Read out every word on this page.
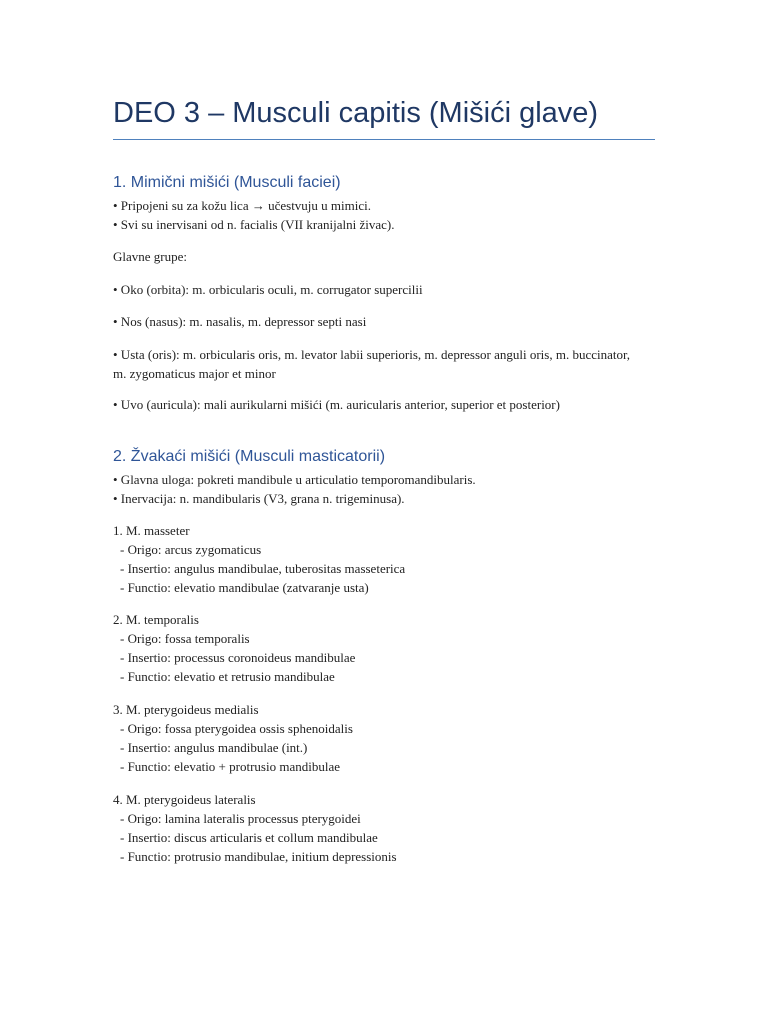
DEO 3 – Musculi capitis (Mišići glave)
1. Mimični mišići (Musculi faciei)
• Pripojeni su za kožu lica → učestvuju u mimici.
• Svi su inervisani od n. facialis (VII kranijalni živac).
Glavne grupe:
• Oko (orbita): m. orbicularis oculi, m. corrugator supercilii
• Nos (nasus): m. nasalis, m. depressor septi nasi
• Usta (oris): m. orbicularis oris, m. levator labii superioris, m. depressor anguli oris, m. buccinator, m. zygomaticus major et minor
• Uvo (auricula): mali aurikularni mišići (m. auricularis anterior, superior et posterior)
2. Žvakaći mišići (Musculi masticatorii)
• Glavna uloga: pokreti mandibule u articulatio temporomandibularis.
• Inervacija: n. mandibularis (V3, grana n. trigeminusa).
1. M. masseter
- Origo: arcus zygomaticus
- Insertio: angulus mandibulae, tuberositas masseterica
- Functio: elevatio mandibulae (zatvaranje usta)
2. M. temporalis
- Origo: fossa temporalis
- Insertio: processus coronoideus mandibulae
- Functio: elevatio et retrusio mandibulae
3. M. pterygoideus medialis
- Origo: fossa pterygoidea ossis sphenoidalis
- Insertio: angulus mandibulae (int.)
- Functio: elevatio + protrusio mandibulae
4. M. pterygoideus lateralis
- Origo: lamina lateralis processus pterygoidei
- Insertio: discus articularis et collum mandibulae
- Functio: protrusio mandibulae, initium depressionis
